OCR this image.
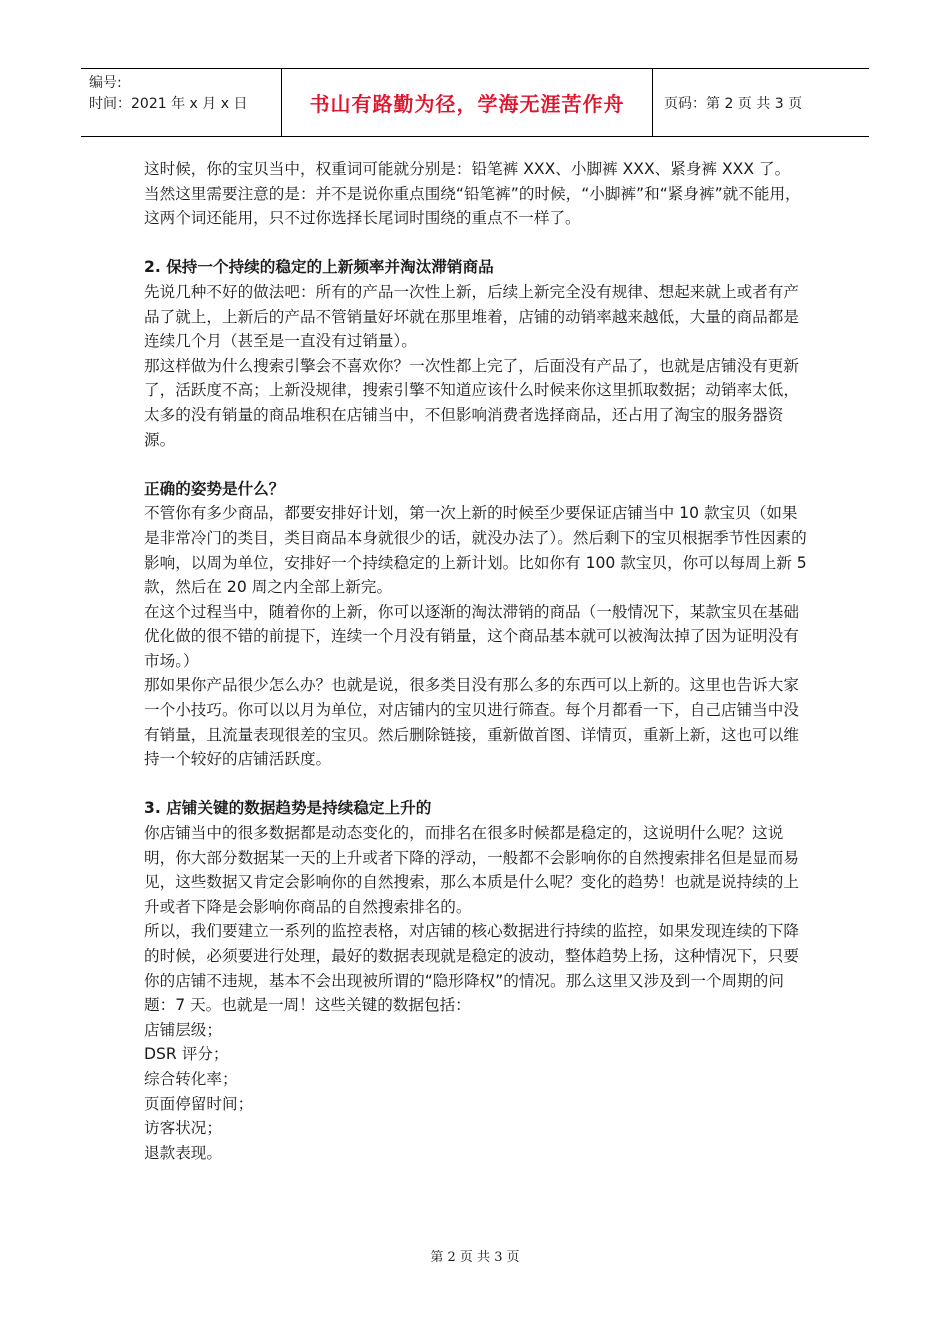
编号:
时间：2021 年 x 月 x 日	书山有路勤为径，学海无涯苦作舟	页码：第 2 页 共 3 页

这时候，你的宝贝当中，权重词可能就分别是：铅笔裤 XXX、小脚裤 XXX、紧身裤 XXX 了。

当然这里需要注意的是：并不是说你重点围绕“铅笔裤”的时候，“小脚裤”和“紧身裤”就不能用，这两个词还能用，只不过你选择长尾词时围绕的重点不一样了。

2. 保持一个持续的稳定的上新频率并淘汰滞销商品

先说几种不好的做法吧：所有的产品一次性上新，后续上新完全没有规律、想起来就上或者有产品了就上，上新后的产品不管销量好坏就在那里堆着，店铺的动销率越来越低，大量的商品都是连续几个月（甚至是一直没有过销量）。

那这样做为什么搜索引擎会不喜欢你？一次性都上完了，后面没有产品了，也就是店铺没有更新了，活跃度不高；上新没规律，搜索引擎不知道应该什么时候来你这里抓取数据；动销率太低，太多的没有销量的商品堆积在店铺当中，不但影响消费者选择商品，还占用了淘宝的服务器资源。

正确的姿势是什么？

不管你有多少商品，都要安排好计划，第一次上新的时候至少要保证店铺当中 10 款宝贝（如果是非常冷门的类目，类目商品本身就很少的话，就没办法了）。然后剩下的宝贝根据季节性因素的影响，以周为单位，安排好一个持续稳定的上新计划。比如你有 100 款宝贝，你可以每周上新 5 款，然后在 20 周之内全部上新完。

在这个过程当中，随着你的上新，你可以逐渐的淘汰滞销的商品（一般情况下，某款宝贝在基础优化做的很不错的前提下，连续一个月没有销量，这个商品基本就可以被淘汰掉了因为证明没有市场。）

那如果你产品很少怎么办？也就是说，很多类目没有那么多的东西可以上新的。这里也告诉大家一个小技巧。你可以以月为单位，对店铺内的宝贝进行筛查。每个月都看一下，自己店铺当中没有销量，且流量表现很差的宝贝。然后删除链接，重新做首图、详情页，重新上新，这也可以维持一个较好的店铺活跃度。

3. 店铺关键的数据趋势是持续稳定上升的

你店铺当中的很多数据都是动态变化的，而排名在很多时候都是稳定的，这说明什么呢？这说明，你大部分数据某一天的上升或者下降的浮动，一般都不会影响你的自然搜索排名但是显而易见，这些数据又肯定会影响你的自然搜索，那么本质是什么呢？变化的趋势！也就是说持续的上升或者下降是会影响你商品的自然搜索排名的。

所以，我们要建立一系列的监控表格，对店铺的核心数据进行持续的监控，如果发现连续的下降的时候，必须要进行处理，最好的数据表现就是稳定的波动，整体趋势上扬，这种情况下，只要你的店铺不违规，基本不会出现被所谓的“隐形降权”的情况。那么这里又涉及到一个周期的问题：7 天。也就是一周！这些关键的数据包括：

店铺层级；

DSR 评分；

综合转化率；

页面停留时间；

访客状况；

退款表现。

第 2 页 共 3 页
